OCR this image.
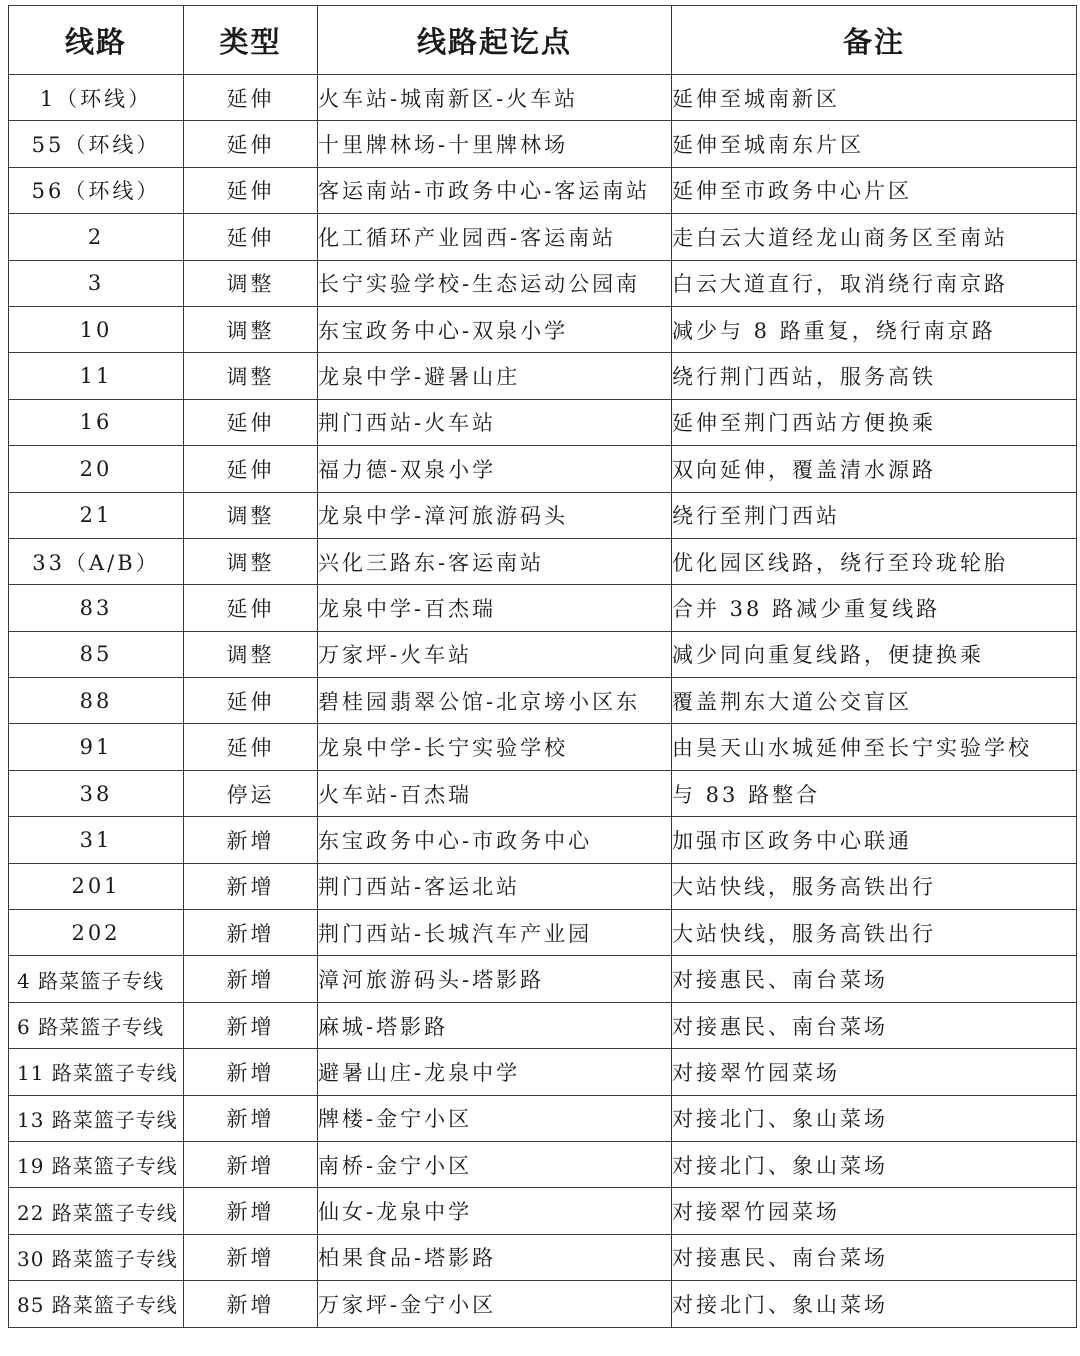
线路	类型	线路起讫点	备注
1（环线）	延伸	火车站-城南新区-火车站	延伸至城南新区
55（环线）	延伸	十里牌林场-十里牌林场	延伸至城南东片区
56（环线）	延伸	客运南站-市政务中心-客运南站	延伸至市政务中心片区
2	延伸	化工循环产业园西-客运南站	走白云大道经龙山商务区至南站
3	调整	长宁实验学校-生态运动公园南	白云大道直行，取消绕行南京路
10	调整	东宝政务中心-双泉小学	减少与 8 路重复，绕行南京路
11	调整	龙泉中学-避暑山庄	绕行荆门西站，服务高铁
16	延伸	荆门西站-火车站	延伸至荆门西站方便换乘
20	延伸	福力德-双泉小学	双向延伸，覆盖清水源路
21	调整	龙泉中学-漳河旅游码头	绕行至荆门西站
33（A/B）	调整	兴化三路东-客运南站	优化园区线路，绕行至玲珑轮胎
83	延伸	龙泉中学-百杰瑞	合并 38 路减少重复线路
85	调整	万家坪-火车站	减少同向重复线路，便捷换乘
88	延伸	碧桂园翡翠公馆-北京塝小区东	覆盖荆东大道公交盲区
91	延伸	龙泉中学-长宁实验学校	由昊天山水城延伸至长宁实验学校
38	停运	火车站-百杰瑞	与 83 路整合
31	新增	东宝政务中心-市政务中心	加强市区政务中心联通
201	新增	荆门西站-客运北站	大站快线，服务高铁出行
202	新增	荆门西站-长城汽车产业园	大站快线，服务高铁出行
4 路菜篮子专线	新增	漳河旅游码头-塔影路	对接惠民、南台菜场
6 路菜篮子专线	新增	麻城-塔影路	对接惠民、南台菜场
11 路菜篮子专线	新增	避暑山庄-龙泉中学	对接翠竹园菜场
13 路菜篮子专线	新增	牌楼-金宁小区	对接北门、象山菜场
19 路菜篮子专线	新增	南桥-金宁小区	对接北门、象山菜场
22 路菜篮子专线	新增	仙女-龙泉中学	对接翠竹园菜场
30 路菜篮子专线	新增	柏果食品-塔影路	对接惠民、南台菜场
85 路菜篮子专线	新增	万家坪-金宁小区	对接北门、象山菜场
